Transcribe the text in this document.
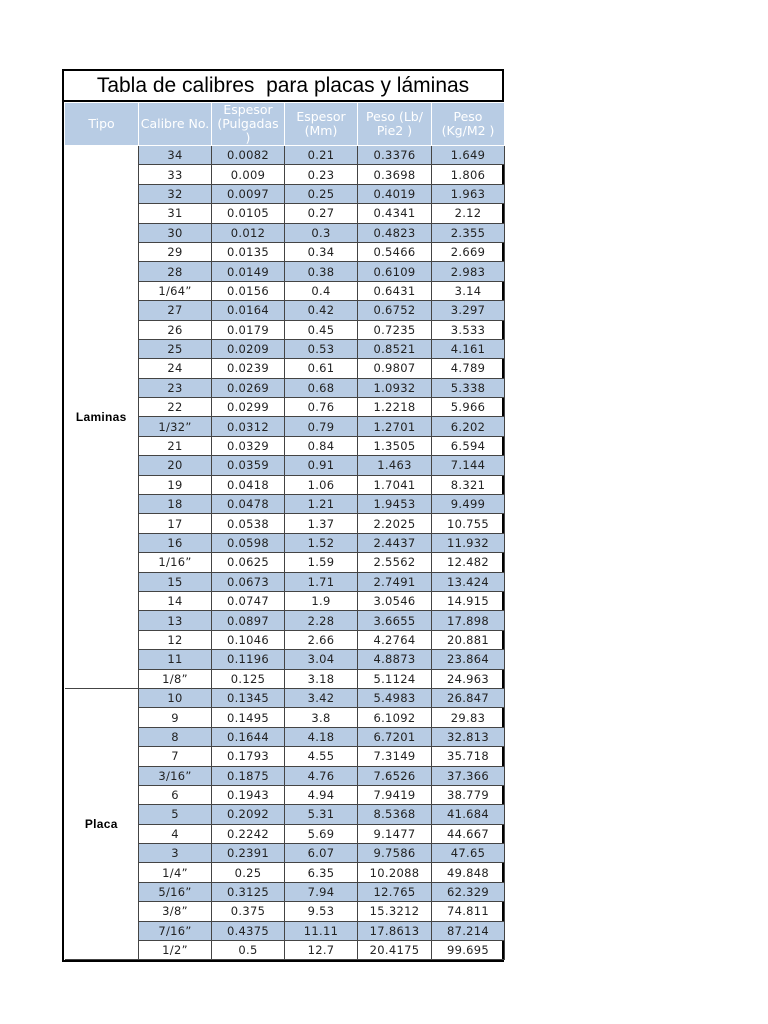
Tabla de calibres  para placas y láminas
Tipo	Calibre No.	Espesor (Pulgadas )	Espesor (Mm)	Peso (Lb/ Pie2 )	Peso (Kg/M2 )
Laminas	34	0.0082	0.21	0.3376	1.649
	33	0.009	0.23	0.3698	1.806
	32	0.0097	0.25	0.4019	1.963
	31	0.0105	0.27	0.4341	2.12
	30	0.012	0.3	0.4823	2.355
	29	0.0135	0.34	0.5466	2.669
	28	0.0149	0.38	0.6109	2.983
	1/64”	0.0156	0.4	0.6431	3.14
	27	0.0164	0.42	0.6752	3.297
	26	0.0179	0.45	0.7235	3.533
	25	0.0209	0.53	0.8521	4.161
	24	0.0239	0.61	0.9807	4.789
	23	0.0269	0.68	1.0932	5.338
	22	0.0299	0.76	1.2218	5.966
	1/32”	0.0312	0.79	1.2701	6.202
	21	0.0329	0.84	1.3505	6.594
	20	0.0359	0.91	1.463	7.144
	19	0.0418	1.06	1.7041	8.321
	18	0.0478	1.21	1.9453	9.499
	17	0.0538	1.37	2.2025	10.755
	16	0.0598	1.52	2.4437	11.932
	1/16”	0.0625	1.59	2.5562	12.482
	15	0.0673	1.71	2.7491	13.424
	14	0.0747	1.9	3.0546	14.915
	13	0.0897	2.28	3.6655	17.898
	12	0.1046	2.66	4.2764	20.881
	11	0.1196	3.04	4.8873	23.864
	1/8”	0.125	3.18	5.1124	24.963
Placa	10	0.1345	3.42	5.4983	26.847
	9	0.1495	3.8	6.1092	29.83
	8	0.1644	4.18	6.7201	32.813
	7	0.1793	4.55	7.3149	35.718
	3/16”	0.1875	4.76	7.6526	37.366
	6	0.1943	4.94	7.9419	38.779
	5	0.2092	5.31	8.5368	41.684
	4	0.2242	5.69	9.1477	44.667
	3	0.2391	6.07	9.7586	47.65
	1/4”	0.25	6.35	10.2088	49.848
	5/16”	0.3125	7.94	12.765	62.329
	3/8”	0.375	9.53	15.3212	74.811
	7/16”	0.4375	11.11	17.8613	87.214
	1/2”	0.5	12.7	20.4175	99.695
